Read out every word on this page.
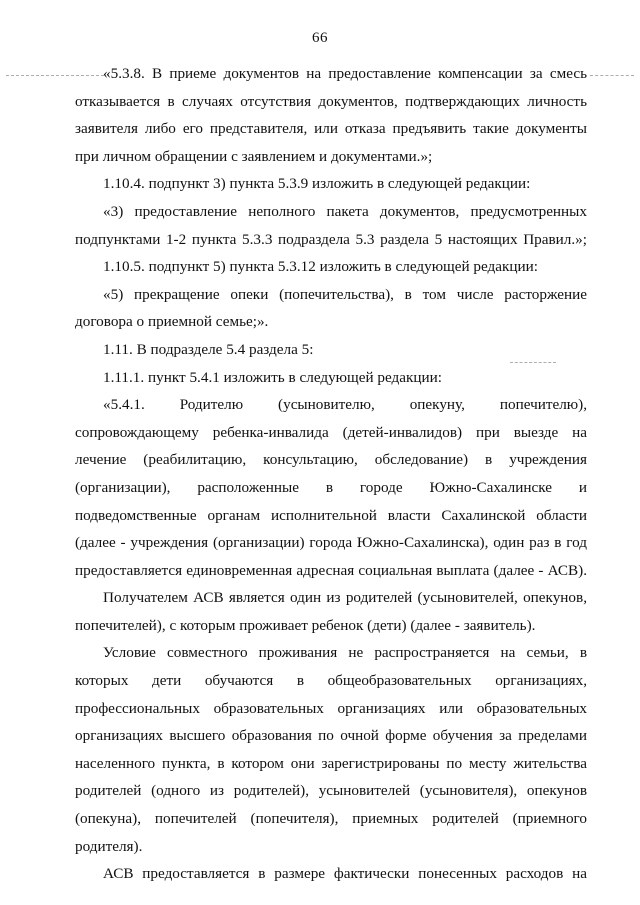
66
«5.3.8. В приеме документов на предоставление компенсации за смесь
отказывается в случаях отсутствия документов, подтверждающих личность
заявителя либо его представителя, или отказа предъявить такие документы
при личном обращении с заявлением и документами.»;
1.10.4. подпункт 3) пункта 5.3.9 изложить в следующей редакции:
«3) предоставление неполного пакета документов, предусмотренных
подпунктами 1-2 пункта 5.3.3 подраздела 5.3 раздела 5 настоящих Правил.»;
1.10.5. подпункт 5) пункта 5.3.12 изложить в следующей редакции:
«5) прекращение опеки (попечительства), в том числе расторжение
договора о приемной семье;».
1.11. В подразделе 5.4 раздела 5:
1.11.1. пункт 5.4.1 изложить в следующей редакции:
«5.4.1. Родителю (усыновителю, опекуну, попечителю),
сопровождающему ребенка-инвалида (детей-инвалидов) при выезде на
лечение (реабилитацию, консультацию, обследование) в учреждения
(организации), расположенные в городе Южно-Сахалинске и
подведомственные органам исполнительной власти Сахалинской области
(далее - учреждения (организации) города Южно-Сахалинска), один раз в год
предоставляется единовременная адресная социальная выплата (далее - АСВ).
Получателем АСВ является один из родителей (усыновителей, опекунов,
попечителей), с которым проживает ребенок (дети) (далее - заявитель).
Условие совместного проживания не распространяется на семьи, в
которых дети обучаются в общеобразовательных организациях,
профессиональных образовательных организациях или образовательных
организациях высшего образования по очной форме обучения за пределами
населенного пункта, в котором они зарегистрированы по месту жительства
родителей (одного из родителей), усыновителей (усыновителя), опекунов
(опекуна), попечителей (попечителя), приемных родителей (приемного
родителя).
АСВ предоставляется в размере фактически понесенных расходов на
